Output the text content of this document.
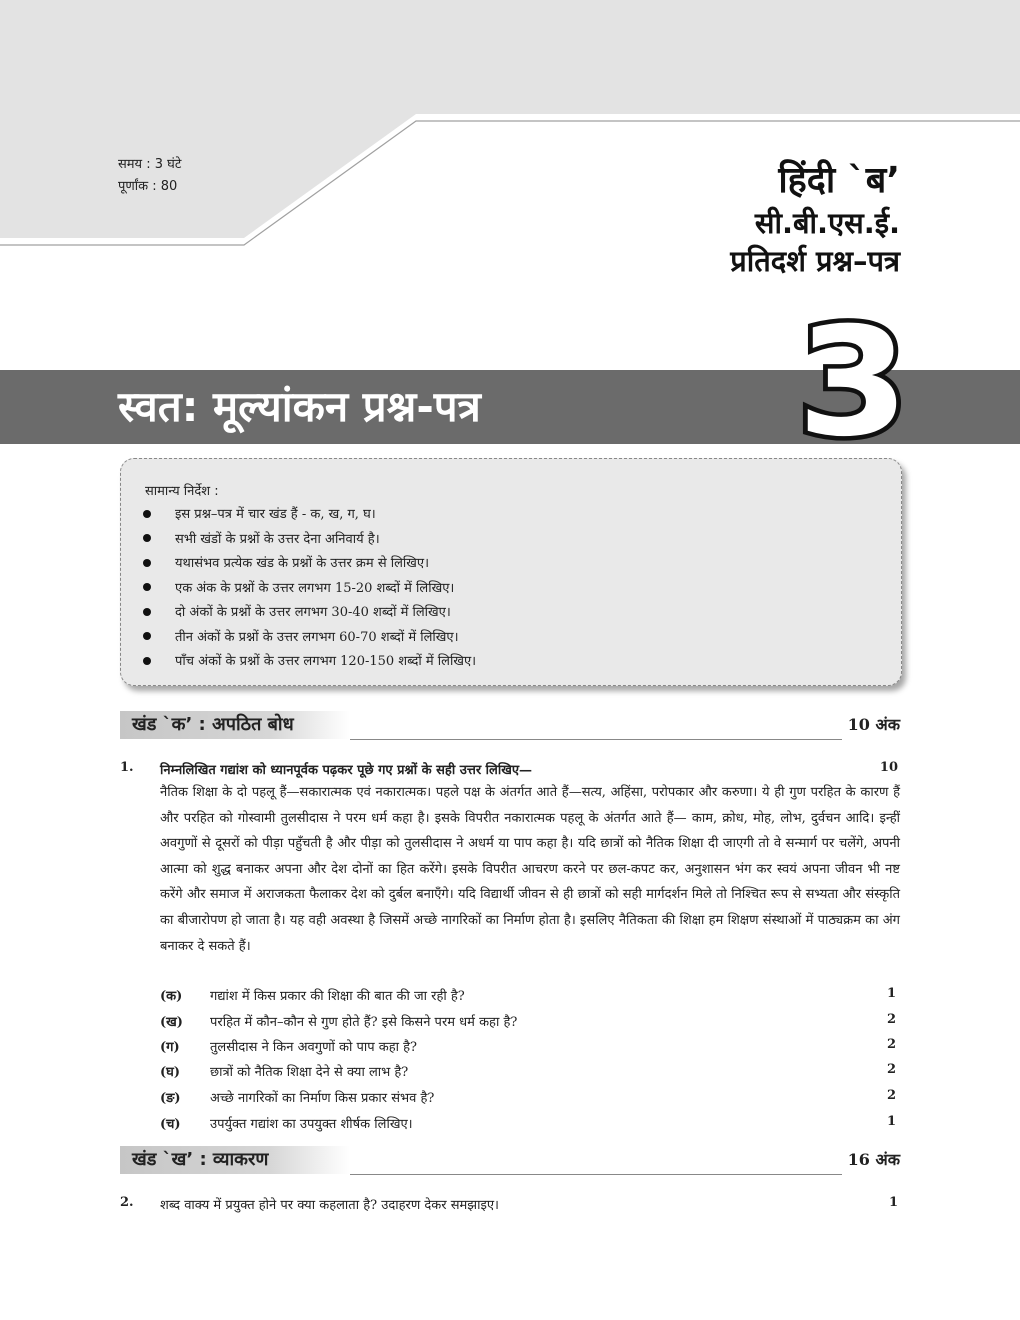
समय : 3 घंटे
पूर्णांक : 80	हिंदी `ब’
सी.बी.एस.ई.
प्रतिदर्श प्रश्न–पत्र
स्वत: मूल्यांकन प्रश्न-पत्र 3
सामान्य निर्देश :
इस प्रश्न–पत्र में चार खंड हैं - क, ख, ग, घ।
सभी खंडों के प्रश्नों के उत्तर देना अनिवार्य है।
यथासंभव प्रत्येक खंड के प्रश्नों के उत्तर क्रम से लिखिए।
एक अंक के प्रश्नों के उत्तर लगभग 15-20 शब्दों में लिखिए।
दो अंकों के प्रश्नों के उत्तर लगभग 30-40 शब्दों में लिखिए।
तीन अंकों के प्रश्नों के उत्तर लगभग 60-70 शब्दों में लिखिए।
पाँच अंकों के प्रश्नों के उत्तर लगभग 120-150 शब्दों में लिखिए।
खंड `क’ : अपठित बोध	10 अंक
1. निम्नलिखित गद्यांश को ध्यानपूर्वक पढ़कर पूछे गए प्रश्नों के सही उत्तर लिखिए—	10

नैतिक शिक्षा के दो पहलू हैं—सकारात्मक एवं नकारात्मक। पहले पक्ष के अंतर्गत आते हैं—सत्य, अहिंसा, परोपकार और करुणा। ये ही गुण परहित के कारण हैं और परहित को गोस्वामी तुलसीदास ने परम धर्म कहा है। इसके विपरीत नकारात्मक पहलू के अंतर्गत आते हैं— काम, क्रोध, मोह, लोभ, दुर्वचन आदि। इन्हीं अवगुणों से दूसरों को पीड़ा पहुँचती है और पीड़ा को तुलसीदास ने अधर्म या पाप कहा है। यदि छात्रों को नैतिक शिक्षा दी जाएगी तो वे सन्मार्ग पर चलेंगे, अपनी आत्मा को शुद्ध बनाकर अपना और देश दोनों का हित करेंगे। इसके विपरीत आचरण करने पर छल-कपट कर, अनुशासन भंग कर स्वयं अपना जीवन भी नष्ट करेंगे और समाज में अराजकता फैलाकर देश को दुर्बल बनाएँगे। यदि विद्यार्थी जीवन से ही छात्रों को सही मार्गदर्शन मिले तो निश्चित रूप से सभ्यता और संस्कृति का बीजारोपण हो जाता है। यह वही अवस्था है जिसमें अच्छे नागरिकों का निर्माण होता है। इसलिए नैतिकता की शिक्षा हम शिक्षण संस्थाओं में पाठ्यक्रम का अंग बनाकर दे सकते हैं।

(क) गद्यांश में किस प्रकार की शिक्षा की बात की जा रही है?	1
(ख) परहित में कौन–कौन से गुण होते हैं? इसे किसने परम धर्म कहा है?	2
(ग) तुलसीदास ने किन अवगुणों को पाप कहा है?	2
(घ) छात्रों को नैतिक शिक्षा देने से क्या लाभ है?	2
(ङ) अच्छे नागरिकों का निर्माण किस प्रकार संभव है?	2
(च) उपर्युक्त गद्यांश का उपयुक्त शीर्षक लिखिए।	1
खंड `ख’ : व्याकरण	16 अंक
2. शब्द वाक्य में प्रयुक्त होने पर क्या कहलाता है? उदाहरण देकर समझाइए।	1
